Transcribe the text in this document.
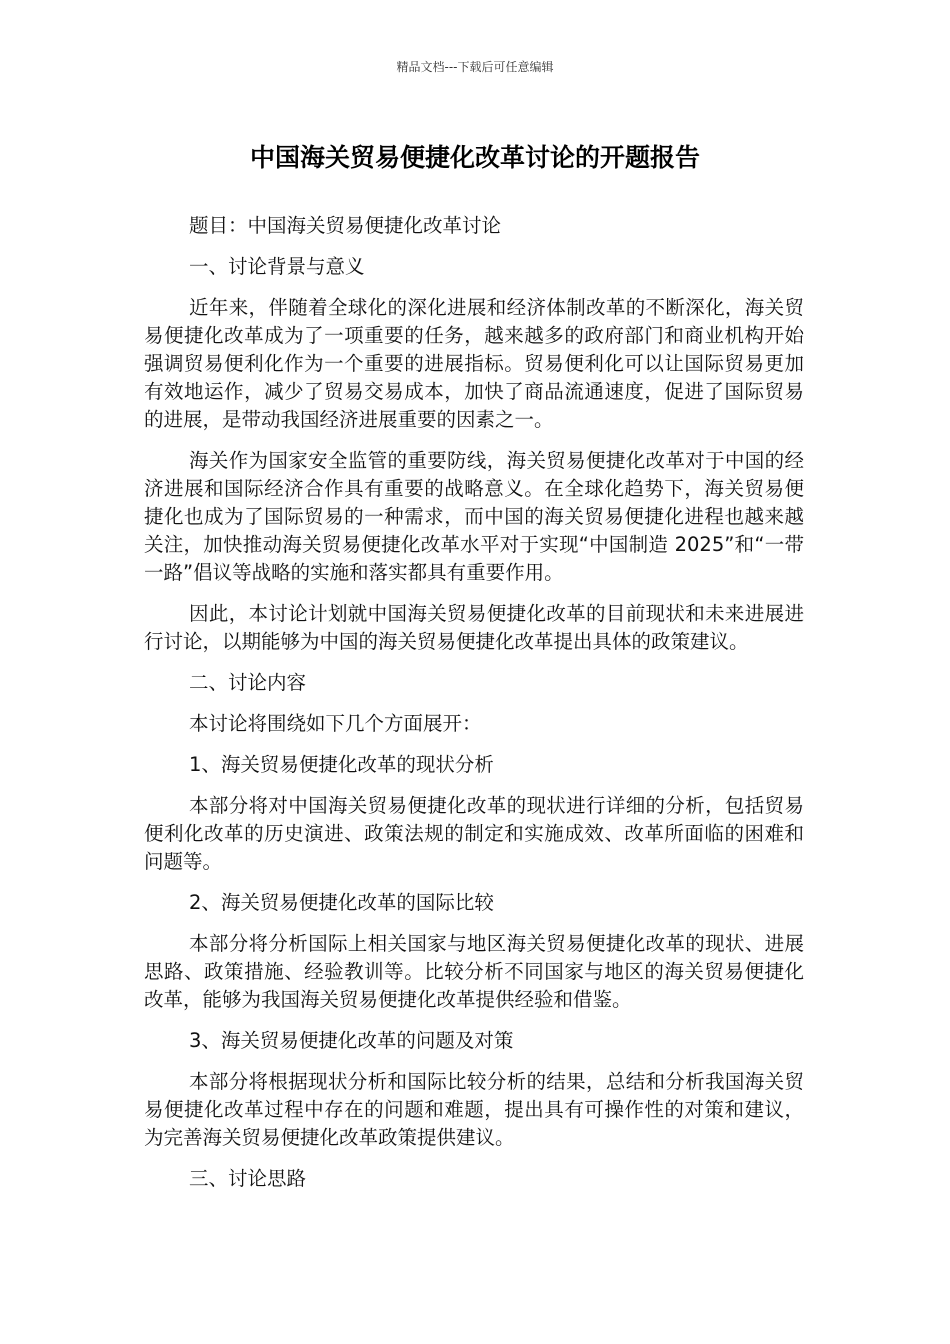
精品文档---下载后可任意编辑
中国海关贸易便捷化改革讨论的开题报告

题目：中国海关贸易便捷化改革讨论

一、讨论背景与意义

近年来，伴随着全球化的深化进展和经济体制改革的不断深化，海关贸易便捷化改革成为了一项重要的任务，越来越多的政府部门和商业机构开始强调贸易便利化作为一个重要的进展指标。贸易便利化可以让国际贸易更加有效地运作，减少了贸易交易成本，加快了商品流通速度，促进了国际贸易的进展，是带动我国经济进展重要的因素之一。

海关作为国家安全监管的重要防线，海关贸易便捷化改革对于中国的经济进展和国际经济合作具有重要的战略意义。在全球化趋势下，海关贸易便捷化也成为了国际贸易的一种需求，而中国的海关贸易便捷化进程也越来越关注，加快推动海关贸易便捷化改革水平对于实现“中国制造 2025”和“一带一路”倡议等战略的实施和落实都具有重要作用。

因此，本讨论计划就中国海关贸易便捷化改革的目前现状和未来进展进行讨论，以期能够为中国的海关贸易便捷化改革提出具体的政策建议。

二、讨论内容

本讨论将围绕如下几个方面展开：

1、海关贸易便捷化改革的现状分析

本部分将对中国海关贸易便捷化改革的现状进行详细的分析，包括贸易便利化改革的历史演进、政策法规的制定和实施成效、改革所面临的困难和问题等。

2、海关贸易便捷化改革的国际比较

本部分将分析国际上相关国家与地区海关贸易便捷化改革的现状、进展思路、政策措施、经验教训等。比较分析不同国家与地区的海关贸易便捷化改革，能够为我国海关贸易便捷化改革提供经验和借鉴。

3、海关贸易便捷化改革的问题及对策

本部分将根据现状分析和国际比较分析的结果，总结和分析我国海关贸易便捷化改革过程中存在的问题和难题，提出具有可操作性的对策和建议，为完善海关贸易便捷化改革政策提供建议。

三、讨论思路
